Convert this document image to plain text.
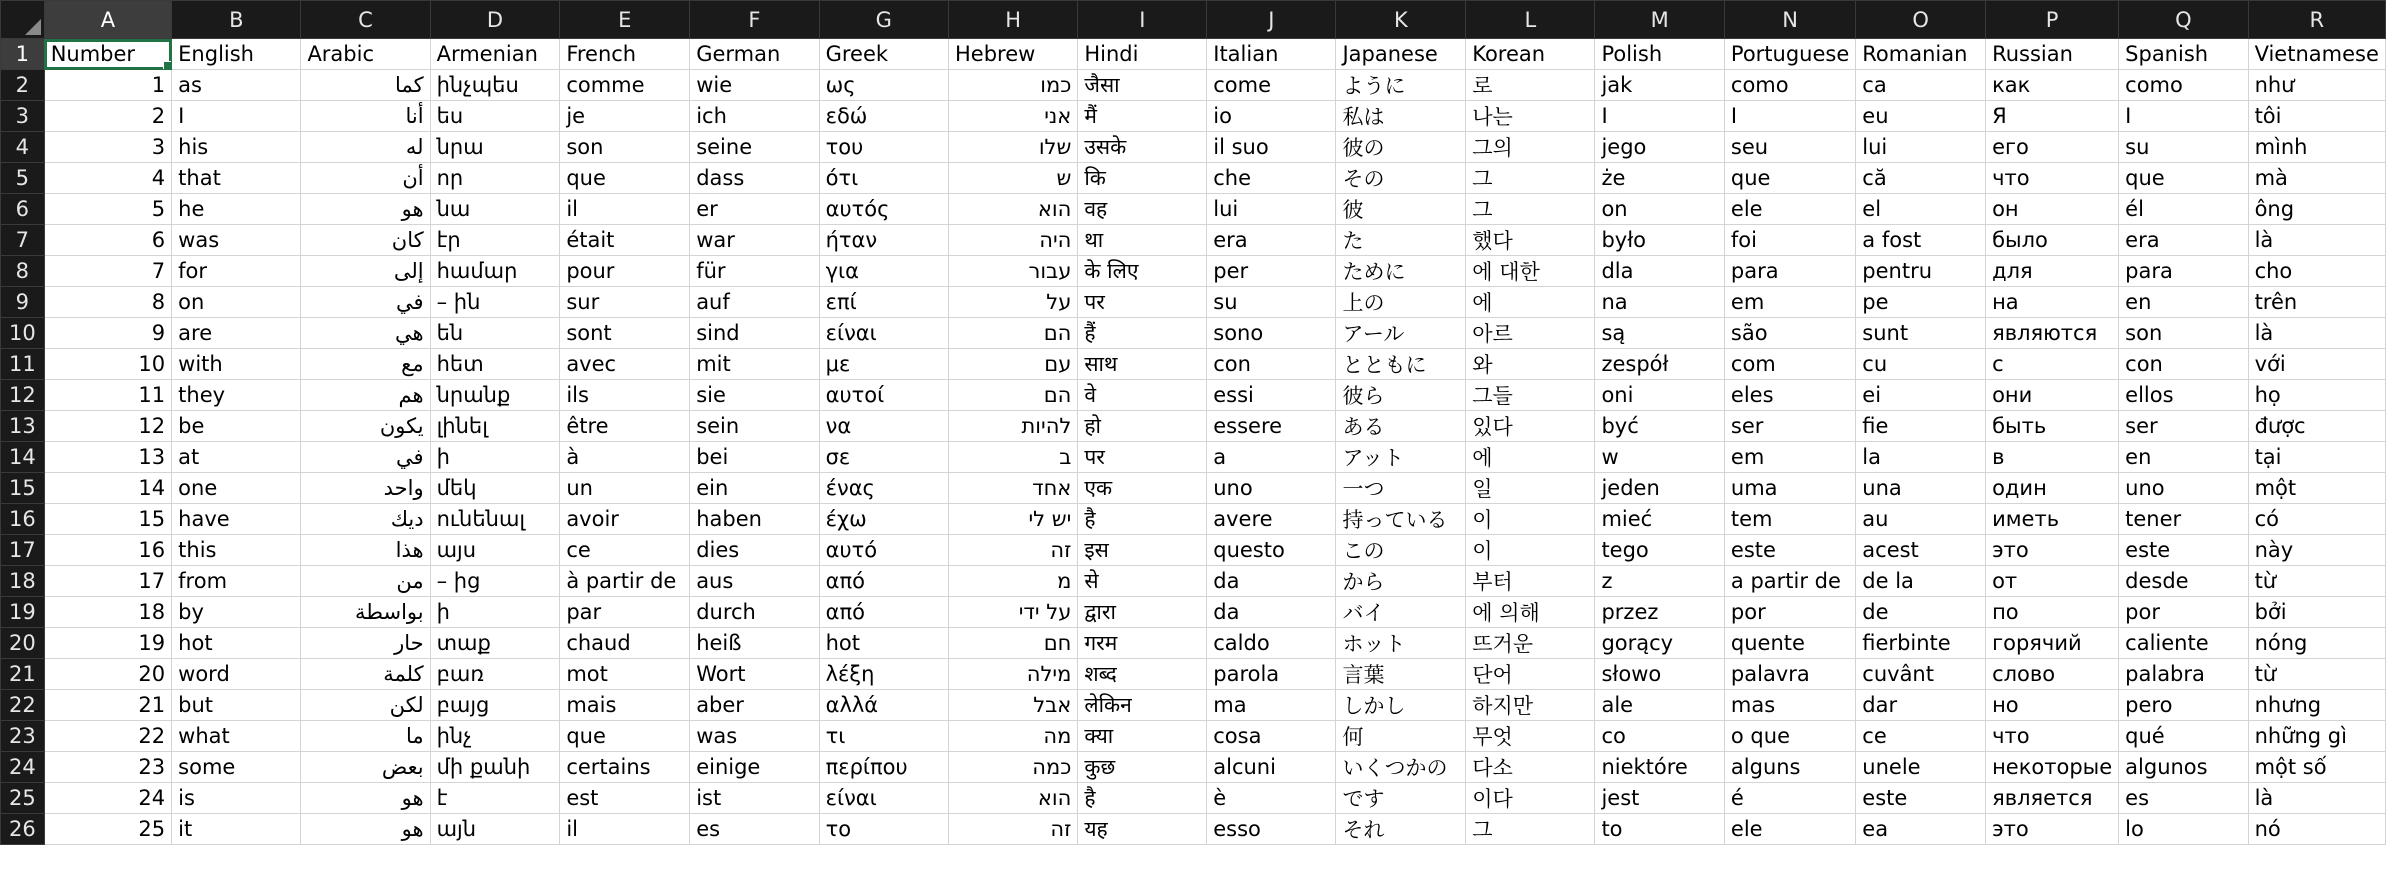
	A	B	C	D	E	F	G	H	I	J	K	L	M	N	O	P	Q	R
1	Number	English	Arabic	Armenian	French	German	Greek	Hebrew	Hindi	Italian	Japanese	Korean	Polish	Portuguese	Romanian	Russian	Spanish	Vietnamese
2	1	as	كما	ինչպես	comme	wie	ως	כמו	जैसा	come	ように	로	jak	como	ca	как	como	như
3	2	I	أنا	ես	je	ich	εδώ	אני	मैं	io	私は	나는	I	I	eu	Я	I	tôi
4	3	his	له	նրա	son	seine	του	שלו	उसके	il suo	彼の	그의	jego	seu	lui	его	su	mình
5	4	that	أن	որ	que	dass	ότι	ש	कि	che	その	그	że	que	că	что	que	mà
6	5	he	هو	նա	il	er	αυτός	הוא	वह	lui	彼	그	on	ele	el	он	él	ông
7	6	was	كان	էր	était	war	ήταν	היה	था	era	た	했다	było	foi	a fost	было	era	là
8	7	for	إلى	համար	pour	für	για	עבור	के लिए	per	ために	에 대한	dla	para	pentru	для	para	cho
9	8	on	في	– ին	sur	auf	επί	על	पर	su	上の	에	na	em	pe	на	en	trên
10	9	are	هي	են	sont	sind	είναι	הם	हैं	sono	アール	아르	są	são	sunt	являются	son	là
11	10	with	مع	հետ	avec	mit	με	עם	साथ	con	とともに	와	zespół	com	cu	с	con	với
12	11	they	هم	նրանք	ils	sie	αυτοί	הם	वे	essi	彼ら	그들	oni	eles	ei	они	ellos	họ
13	12	be	يكون	լինել	être	sein	να	להיות	हो	essere	ある	있다	być	ser	fie	быть	ser	được
14	13	at	في	ի	à	bei	σε	ב	पर	a	アット	에	w	em	la	в	en	tại
15	14	one	واحد	մեկ	un	ein	ένας	אחד	एक	uno	一つ	일	jeden	uma	una	один	uno	một
16	15	have	ديك	ունենալ	avoir	haben	έχω	יש לי	है	avere	持っている	이	mieć	tem	au	иметь	tener	có
17	16	this	هذا	այս	ce	dies	αυτό	זה	इस	questo	この	이	tego	este	acest	это	este	này
18	17	from	من	– ից	à partir de	aus	από	מ	से	da	から	부터	z	a partir de	de la	от	desde	từ
19	18	by	بواسطة	ի	par	durch	από	על ידי	द्वारा	da	バイ	에 의해	przez	por	de	по	por	bởi
20	19	hot	حار	տաք	chaud	heiß	hot	חם	गरम	caldo	ホット	뜨거운	gorący	quente	fierbinte	горячий	caliente	nóng
21	20	word	كلمة	բառ	mot	Wort	λέξη	מילה	शब्द	parola	言葉	단어	słowo	palavra	cuvânt	слово	palabra	từ
22	21	but	لكن	բայց	mais	aber	αλλά	אבל	लेकिन	ma	しかし	하지만	ale	mas	dar	но	pero	nhưng
23	22	what	ما	ինչ	que	was	τι	מה	क्या	cosa	何	무엇	co	o que	ce	что	qué	những gì
24	23	some	بعض	մի քանի	certains	einige	περίπου	כמה	कुछ	alcuni	いくつかの	다소	niektóre	alguns	unele	некоторые	algunos	một số
25	24	is	هو	է	est	ist	είναι	הוא	है	è	です	이다	jest	é	este	является	es	là
26	25	it	هو	այն	il	es	το	זה	यह	esso	それ	그	to	ele	ea	это	lo	nó
